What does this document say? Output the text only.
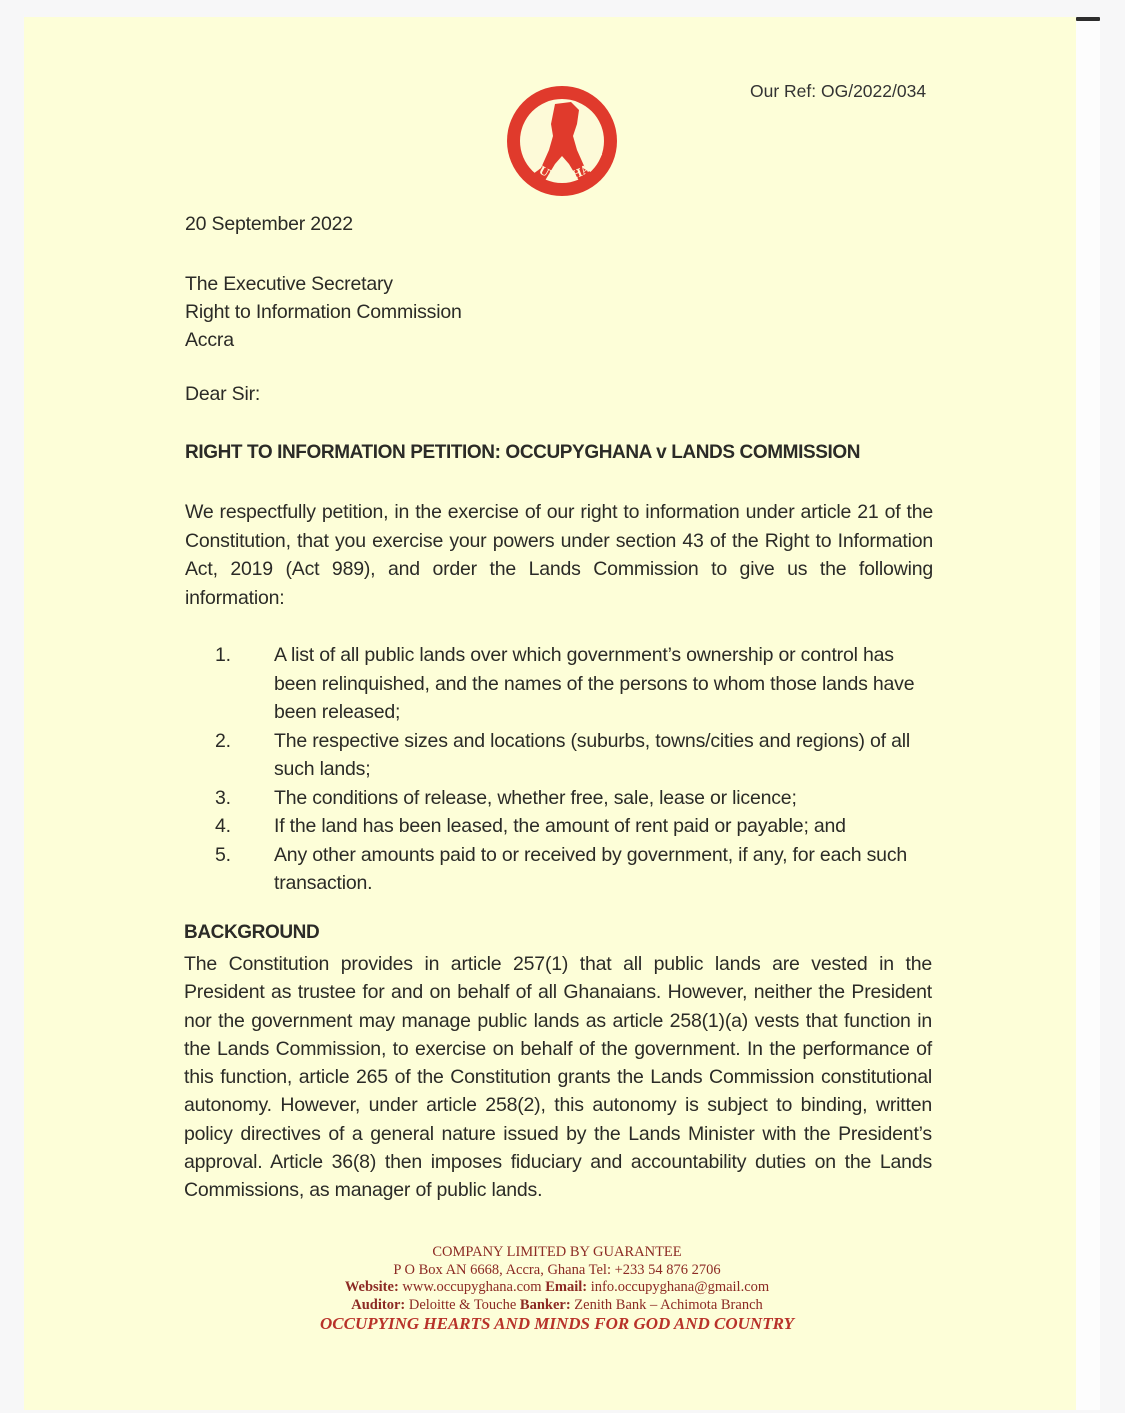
Our Ref: OG/2022/034
#OCCUPYGHANA
20 September 2022
The Executive Secretary
Right to Information Commission
Accra
Dear Sir:
RIGHT TO INFORMATION PETITION: OCCUPYGHANA v LANDS COMMISSION
We respectfully petition, in the exercise of our right to information under article 21 of the Constitution, that you exercise your powers under section 43 of the Right to Information Act, 2019 (Act 989), and order the Lands Commission to give us the following information:
1.	A list of all public lands over which government’s ownership or control has been relinquished, and the names of the persons to whom those lands have been released;
2.	The respective sizes and locations (suburbs, towns/cities and regions) of all such lands;
3.	The conditions of release, whether free, sale, lease or licence;
4.	If the land has been leased, the amount of rent paid or payable; and
5.	Any other amounts paid to or received by government, if any, for each such transaction.
BACKGROUND
The Constitution provides in article 257(1) that all public lands are vested in the President as trustee for and on behalf of all Ghanaians. However, neither the President nor the government may manage public lands as article 258(1)(a) vests that function in the Lands Commission, to exercise on behalf of the government. In the performance of this function, article 265 of the Constitution grants the Lands Commission constitutional autonomy. However, under article 258(2), this autonomy is subject to binding, written policy directives of a general nature issued by the Lands Minister with the President’s approval. Article 36(8) then imposes fiduciary and accountability duties on the Lands Commissions, as manager of public lands.
COMPANY LIMITED BY GUARANTEE
P O Box AN 6668, Accra, Ghana Tel: +233 54 876 2706
Website: www.occupyghana.com Email: info.occupyghana@gmail.com
Auditor: Deloitte & Touche Banker: Zenith Bank – Achimota Branch
OCCUPYING HEARTS AND MINDS FOR GOD AND COUNTRY
